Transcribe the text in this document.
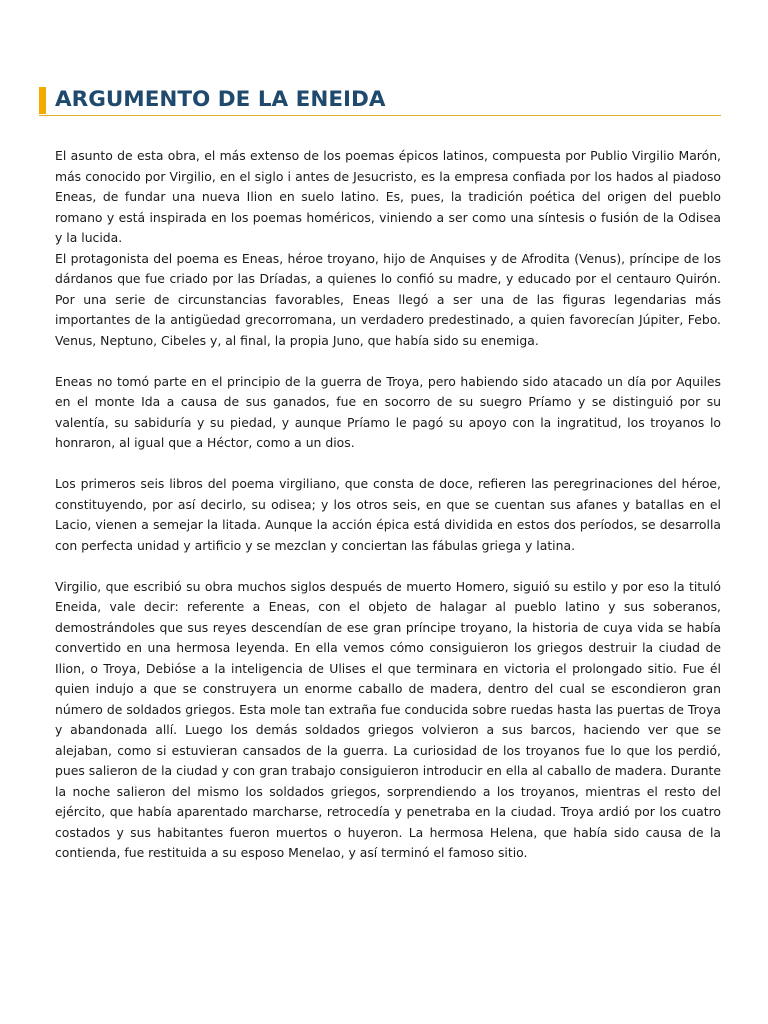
ARGUMENTO DE LA ENEIDA

El asunto de esta obra, el más extenso de los poemas épicos latinos, compuesta por Publio Virgilio Marón, más conocido por Virgilio, en el siglo i antes de Jesucristo, es la empresa confiada por los hados al piadoso Eneas, de fundar una nueva Ilion en suelo latino. Es, pues, la tradición poética del origen del pueblo romano y está inspirada en los poemas homéricos, viniendo a ser como una síntesis o fusión de la Odisea y la lucida.

El protagonista del poema es Eneas, héroe troyano, hijo de Anquises y de Afrodita (Venus), príncipe de los dárdanos que fue criado por las Dríadas, a quienes lo confió su madre, y educado por el centauro Quirón. Por una serie de circunstancias favorables, Eneas llegó a ser una de las figuras legendarias más importantes de la antigüedad grecorromana, un verdadero predestinado, a quien favorecían Júpiter, Febo. Venus, Neptuno, Cibeles y, al final, la propia Juno, que había sido su enemiga.

Eneas no tomó parte en el principio de la guerra de Troya, pero habiendo sido atacado un día por Aquiles en el monte Ida a causa de sus ganados, fue en socorro de su suegro Príamo y se distinguió por su valentía, su sabiduría y su piedad, y aunque Príamo le pagó su apoyo con la ingratitud, los troyanos lo honraron, al igual que a Héctor, como a un dios.

Los primeros seis libros del poema virgiliano, que consta de doce, refieren las peregrinaciones del héroe, constituyendo, por así decirlo, su odisea; y los otros seis, en que se cuentan sus afanes y batallas en el Lacio, vienen a semejar la litada. Aunque la acción épica está dividida en estos dos períodos, se desarrolla con perfecta unidad y artificio y se mezclan y conciertan las fábulas griega y latina.

Virgilio, que escribió su obra muchos siglos después de muerto Homero, siguió su estilo y por eso la tituló Eneida, vale decir: referente a Eneas, con el objeto de halagar al pueblo latino y sus soberanos, demostrándoles que sus reyes descendían de ese gran príncipe troyano, la historia de cuya vida se había convertido en una hermosa leyenda. En ella vemos cómo consiguieron los griegos destruir la ciudad de Ilion, o Troya, Debióse a la inteligencia de Ulises el que terminara en victoria el prolongado sitio. Fue él quien indujo a que se construyera un enorme caballo de madera, dentro del cual se escondieron gran número de soldados griegos. Esta mole tan extraña fue conducida sobre ruedas hasta las puertas de Troya y abandonada allí. Luego los demás soldados griegos volvieron a sus barcos, haciendo ver que se alejaban, como si estuvieran cansados de la guerra. La curiosidad de los troyanos fue lo que los perdió, pues salieron de la ciudad y con gran trabajo consiguieron introducir en ella al caballo de madera. Durante la noche salieron del mismo los soldados griegos, sorprendiendo a los troyanos, mientras el resto del ejército, que había aparentado marcharse, retrocedía y penetraba en la ciudad. Troya ardió por los cuatro costados y sus habitantes fueron muertos o huyeron. La hermosa Helena, que había sido causa de la contienda, fue restituida a su esposo Menelao, y así terminó el famoso sitio.
